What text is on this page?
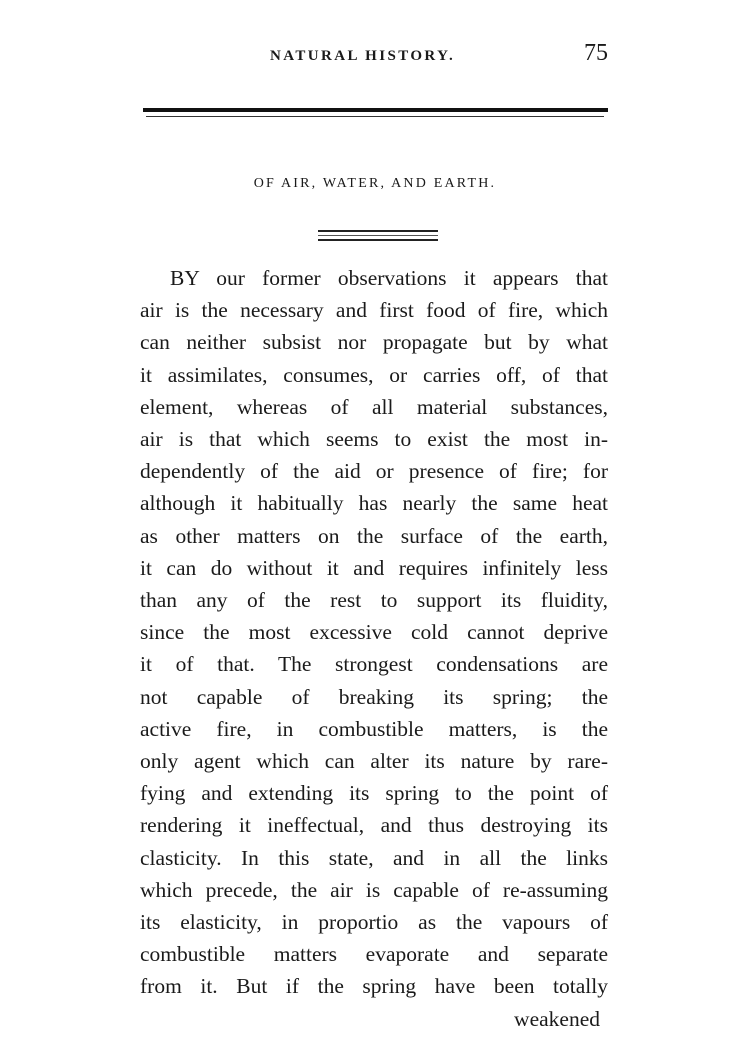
NATURAL HISTORY.	75
OF AIR, WATER, AND EARTH.
BY our former observations it appears that
air is the necessary and first food of fire, which
can neither subsist nor propagate but by what
it assimilates, consumes, or carries off, of that
element, whereas of all material substances,
air is that which seems to exist the most in-
dependently of the aid or presence of fire; for
although it habitually has nearly the same heat
as other matters on the surface of the earth,
it can do without it and requires infinitely less
than any of the rest to support its fluidity,
since the most excessive cold cannot deprive
it of that. The strongest condensations are
not capable of breaking its spring; the
active fire, in combustible matters, is the
only agent which can alter its nature by rare-
fying and extending its spring to the point of
rendering it ineffectual, and thus destroying its
clasticity. In this state, and in all the links
which precede, the air is capable of re-assuming
its elasticity, in proportio as the vapours of
combustible matters evaporate and separate
from it. But if the spring have been totally
weakened
